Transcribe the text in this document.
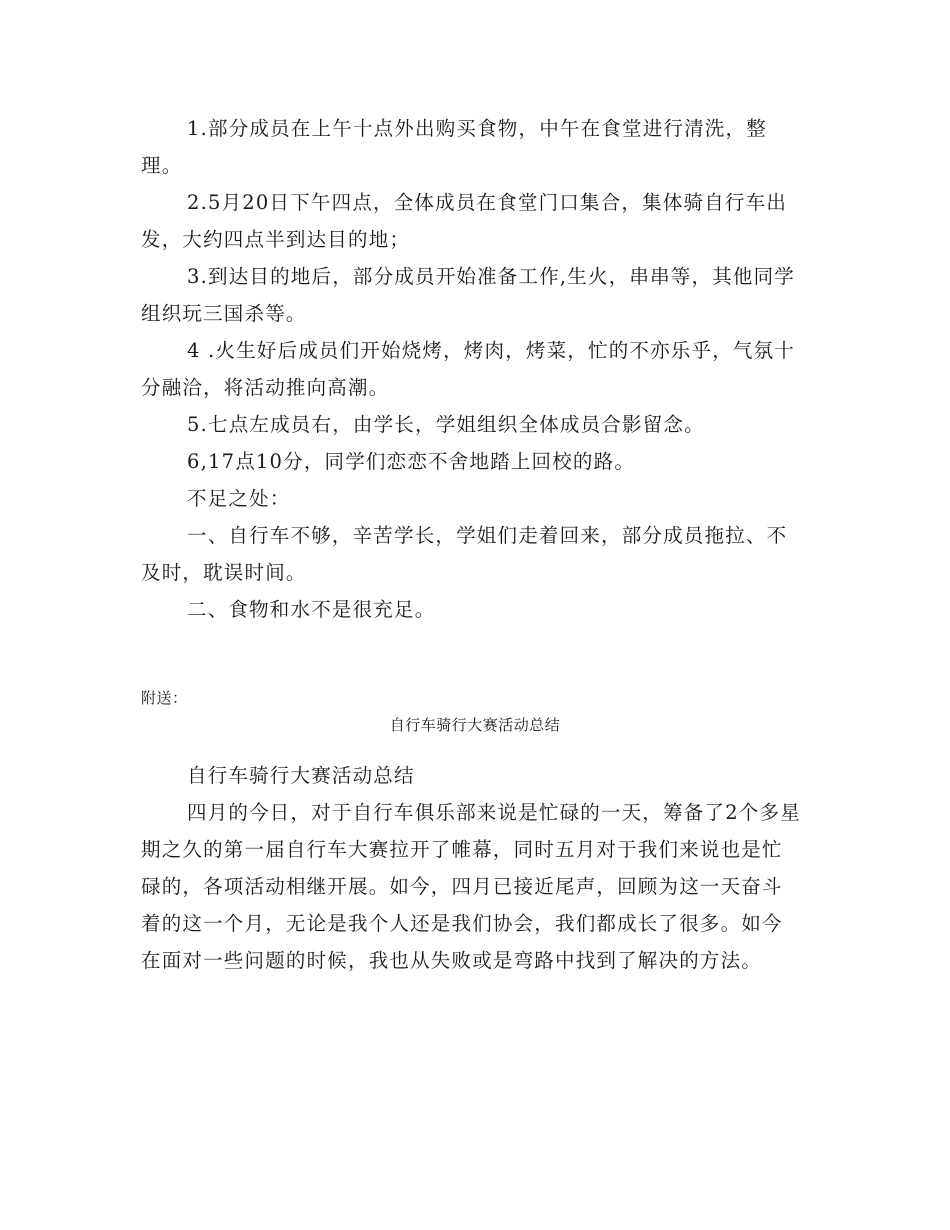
1.部分成员在上午十点外出购买食物，中午在食堂进行清洗，整理。

2.5月20日下午四点，全体成员在食堂门口集合，集体骑自行车出发，大约四点半到达目的地；

3.到达目的地后，部分成员开始准备工作,生火，串串等，其他同学组织玩三国杀等。

4 .火生好后成员们开始烧烤，烤肉，烤菜，忙的不亦乐乎，气氛十分融洽，将活动推向高潮。

5.七点左成员右，由学长，学姐组织全体成员合影留念。

6,17点10分，同学们恋恋不舍地踏上回校的路。

不足之处：

一、自行车不够，辛苦学长，学姐们走着回来，部分成员拖拉、不及时，耽误时间。

二、食物和水不是很充足。

附送：
自行车骑行大赛活动总结

自行车骑行大赛活动总结

四月的今日，对于自行车俱乐部来说是忙碌的一天，筹备了2个多星期之久的第一届自行车大赛拉开了帷幕，同时五月对于我们来说也是忙碌的，各项活动相继开展。如今，四月已接近尾声，回顾为这一天奋斗着的这一个月，无论是我个人还是我们协会，我们都成长了很多。如今在面对一些问题的时候，我也从失败或是弯路中找到了解决的方法。
